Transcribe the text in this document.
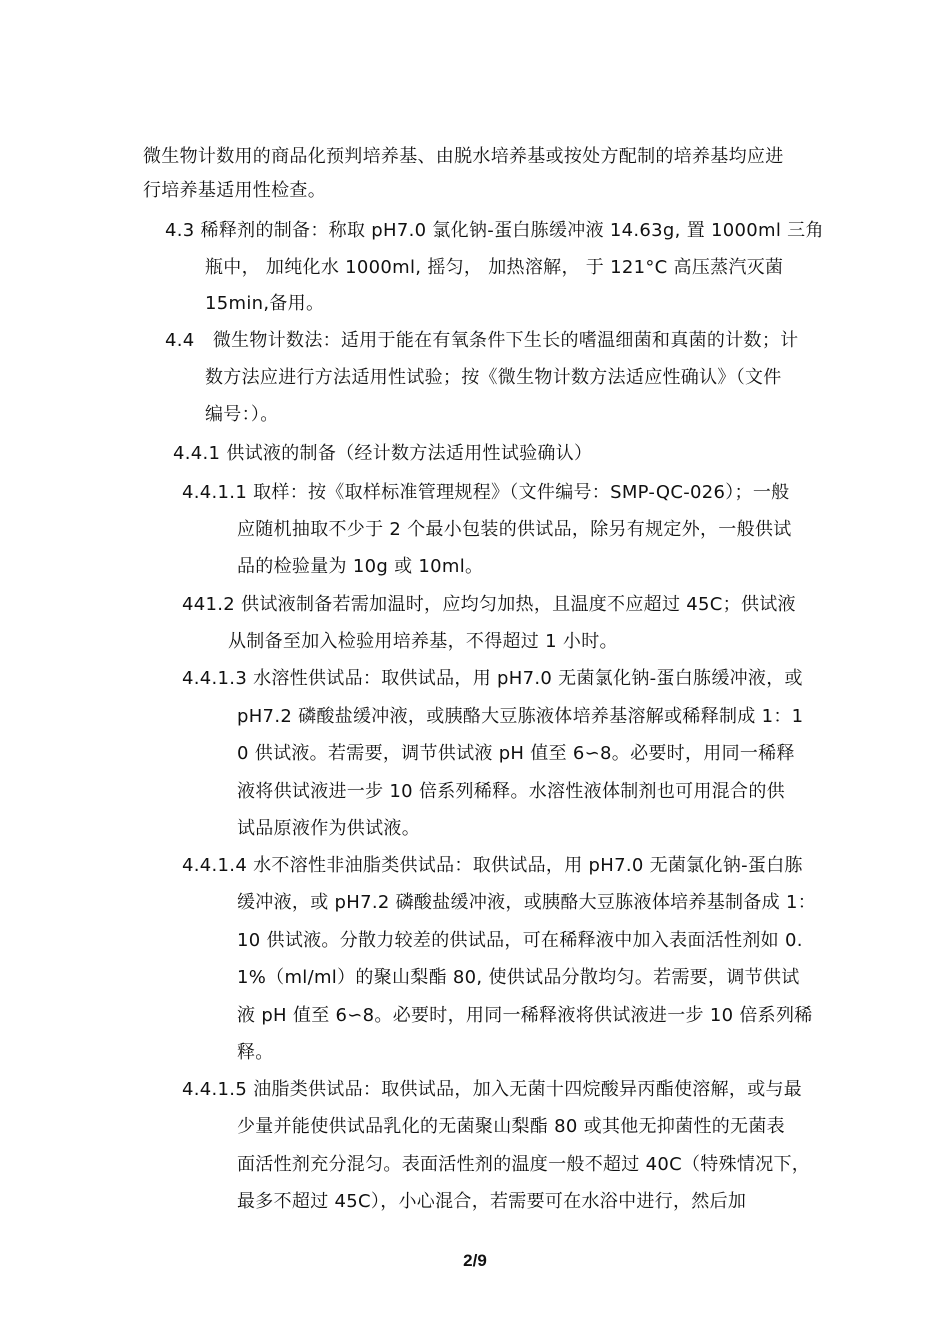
微生物计数用的商品化预判培养基、由脱水培养基或按处方配制的培养基均应进
行培养基适用性检查。
4.3 稀释剂的制备：称取 pH7.0 氯化钠-蛋白胨缓冲液 14.63g, 置 1000ml 三角
瓶中， 加纯化水 1000ml, 摇匀， 加热溶解， 于 121°C 高压蒸汽灭菌
15min,备用。
4.4　微生物计数法：适用于能在有氧条件下生长的嗜温细菌和真菌的计数；计
数方法应进行方法适用性试验；按《微生物计数方法适应性确认》（文件
编号：）。
4.4.1 供试液的制备（经计数方法适用性试验确认）
4.4.1.1 取样：按《取样标准管理规程》（文件编号：SMP-QC-026）；一般
应随机抽取不少于 2 个最小包装的供试品，除另有规定外，一般供试
品的检验量为 10g 或 10ml。
441.2 供试液制备若需加温时，应均匀加热，且温度不应超过 45C；供试液
从制备至加入检验用培养基，不得超过 1 小时。
4.4.1.3 水溶性供试品：取供试品，用 pH7.0 无菌氯化钠-蛋白胨缓冲液，或
pH7.2 磷酸盐缓冲液，或胰酪大豆胨液体培养基溶解或稀释制成 1：1
0 供试液。若需要，调节供试液 pH 值至 6∽8。必要时，用同一稀释
液将供试液进一步 10 倍系列稀释。水溶性液体制剂也可用混合的供
试品原液作为供试液。
4.4.1.4 水不溶性非油脂类供试品：取供试品，用 pH7.0 无菌氯化钠-蛋白胨
缓冲液，或 pH7.2 磷酸盐缓冲液，或胰酪大豆胨液体培养基制备成 1：
10 供试液。分散力较差的供试品，可在稀释液中加入表面活性剂如 0.
1%（ml/ml）的聚山梨酯 80, 使供试品分散均匀。若需要，调节供试
液 pH 值至 6∽8。必要时，用同一稀释液将供试液进一步 10 倍系列稀
释。
4.4.1.5 油脂类供试品：取供试品，加入无菌十四烷酸异丙酯使溶解，或与最
少量并能使供试品乳化的无菌聚山梨酯 80 或其他无抑菌性的无菌表
面活性剂充分混匀。表面活性剂的温度一般不超过 40C（特殊情况下，
最多不超过 45C），小心混合，若需要可在水浴中进行，然后加
2/9
